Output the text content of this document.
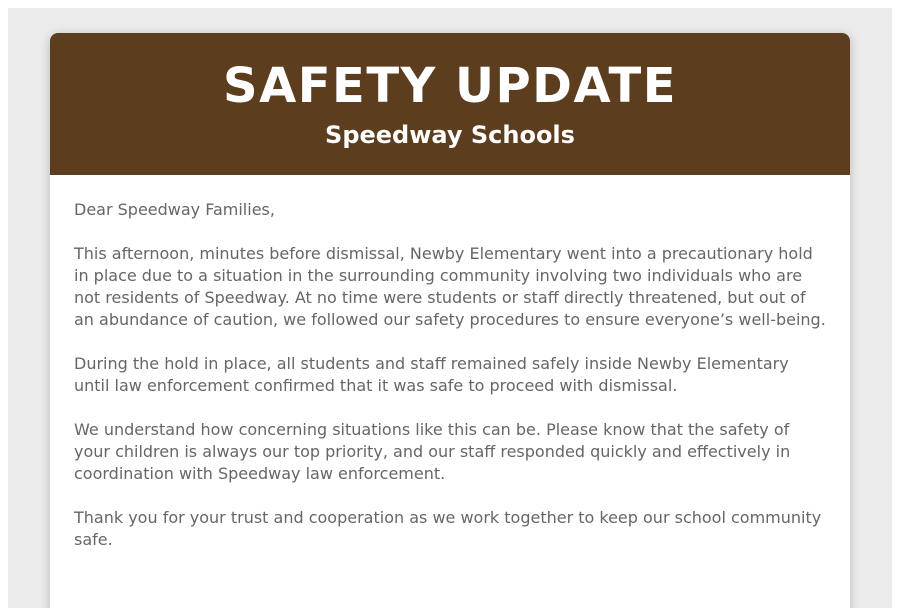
SAFETY UPDATE
Speedway Schools

Dear Speedway Families,

This afternoon, minutes before dismissal, Newby Elementary went into a precautionary hold in place due to a situation in the surrounding community involving two individuals who are not residents of Speedway. At no time were students or staff directly threatened, but out of an abundance of caution, we followed our safety procedures to ensure everyone’s well-being.

During the hold in place, all students and staff remained safely inside Newby Elementary until law enforcement confirmed that it was safe to proceed with dismissal.

We understand how concerning situations like this can be. Please know that the safety of your children is always our top priority, and our staff responded quickly and effectively in coordination with Speedway law enforcement.

Thank you for your trust and cooperation as we work together to keep our school community safe.
